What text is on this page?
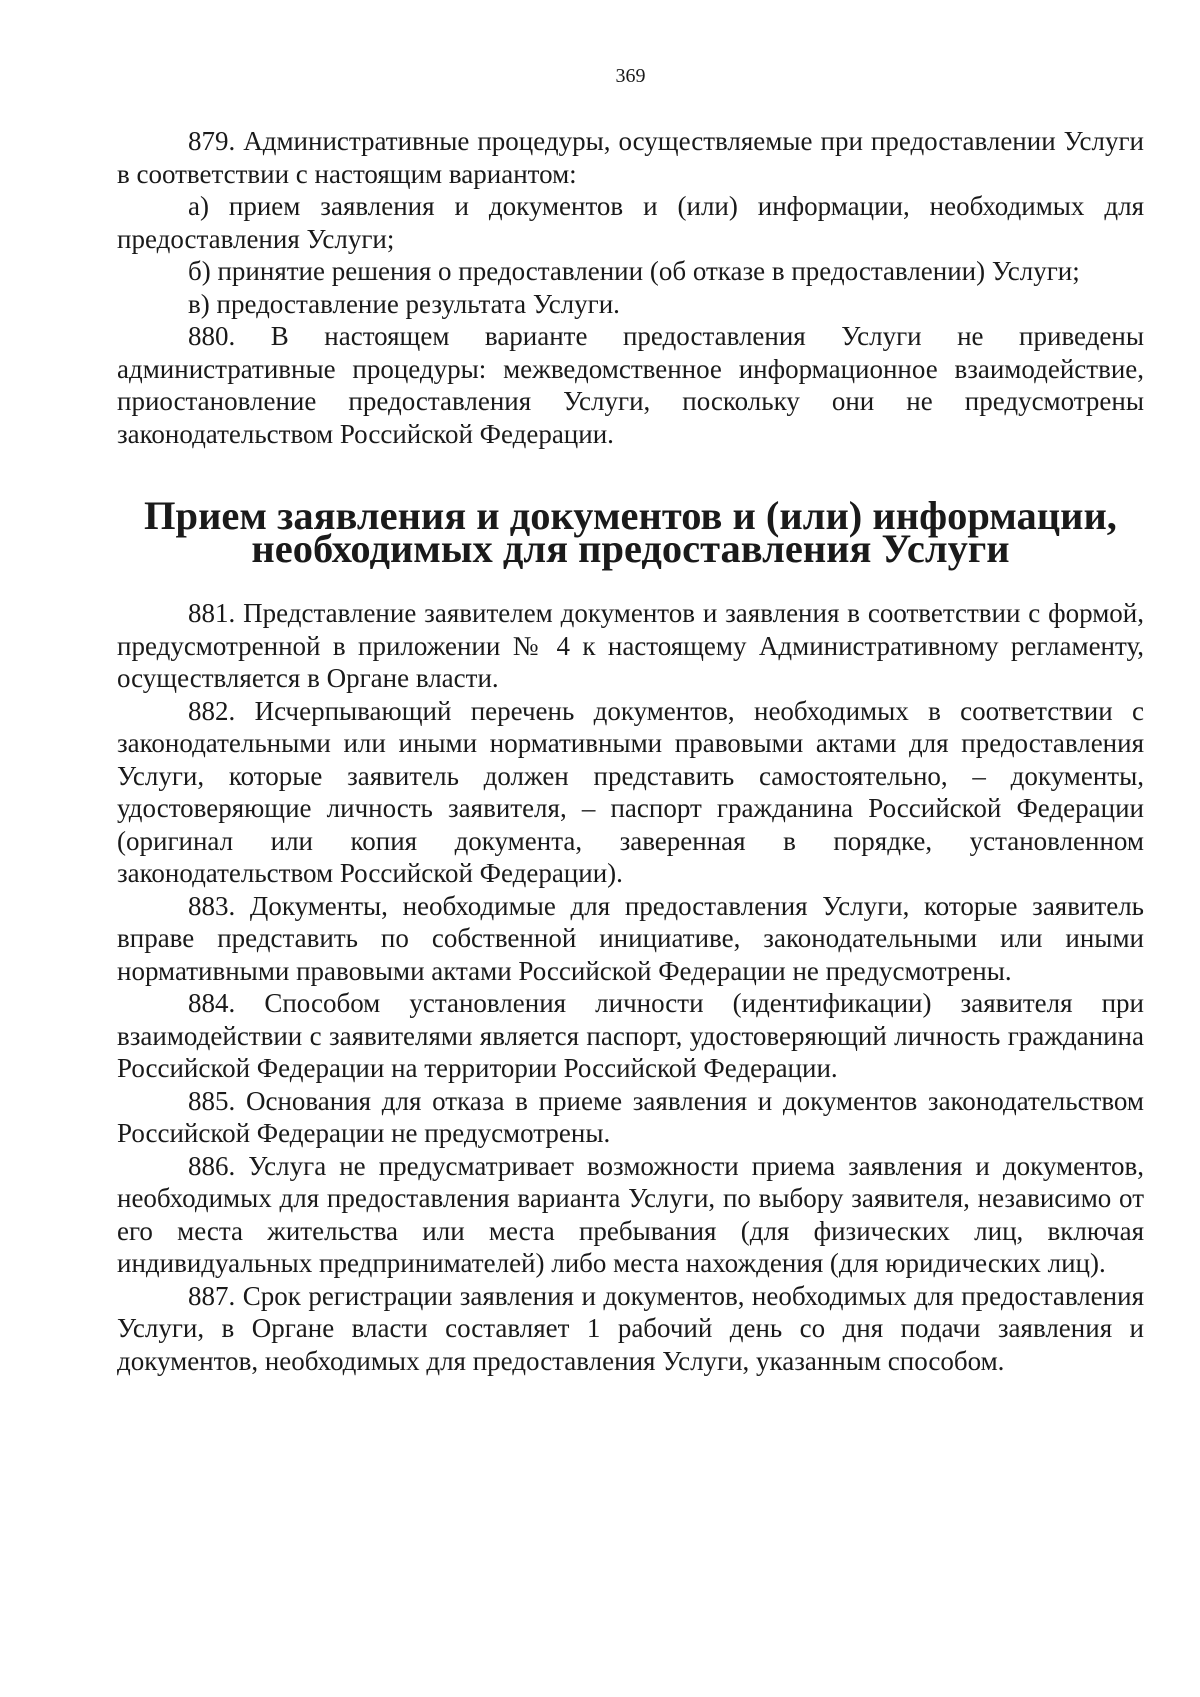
369

879. Административные процедуры, осуществляемые при предоставлении Услуги в соответствии с настоящим вариантом:

а) прием заявления и документов и (или) информации, необходимых для предоставления Услуги;

б) принятие решения о предоставлении (об отказе в предоставлении) Услуги;

в) предоставление результата Услуги.

880. В настоящем варианте предоставления Услуги не приведены административные процедуры: межведомственное информационное взаимодействие, приостановление предоставления Услуги, поскольку они не предусмотрены законодательством Российской Федерации.

Прием заявления и документов и (или) информации, необходимых для предоставления Услуги

881. Представление заявителем документов и заявления в соответствии с формой, предусмотренной в приложении № 4 к настоящему Административному регламенту, осуществляется в Органе власти.

882. Исчерпывающий перечень документов, необходимых в соответствии с законодательными или иными нормативными правовыми актами для предоставления Услуги, которые заявитель должен представить самостоятельно, – документы, удостоверяющие личность заявителя, – паспорт гражданина Российской Федерации (оригинал или копия документа, заверенная в порядке, установленном законодательством Российской Федерации).

883. Документы, необходимые для предоставления Услуги, которые заявитель вправе представить по собственной инициативе, законодательными или иными нормативными правовыми актами Российской Федерации не предусмотрены.

884. Способом установления личности (идентификации) заявителя при взаимодействии с заявителями является паспорт, удостоверяющий личность гражданина Российской Федерации на территории Российской Федерации.

885. Основания для отказа в приеме заявления и документов законодательством Российской Федерации не предусмотрены.

886. Услуга не предусматривает возможности приема заявления и документов, необходимых для предоставления варианта Услуги, по выбору заявителя, независимо от его места жительства или места пребывания (для физических лиц, включая индивидуальных предпринимателей) либо места нахождения (для юридических лиц).

887. Срок регистрации заявления и документов, необходимых для предоставления Услуги, в Органе власти составляет 1 рабочий день со дня подачи заявления и документов, необходимых для предоставления Услуги, указанным способом.
